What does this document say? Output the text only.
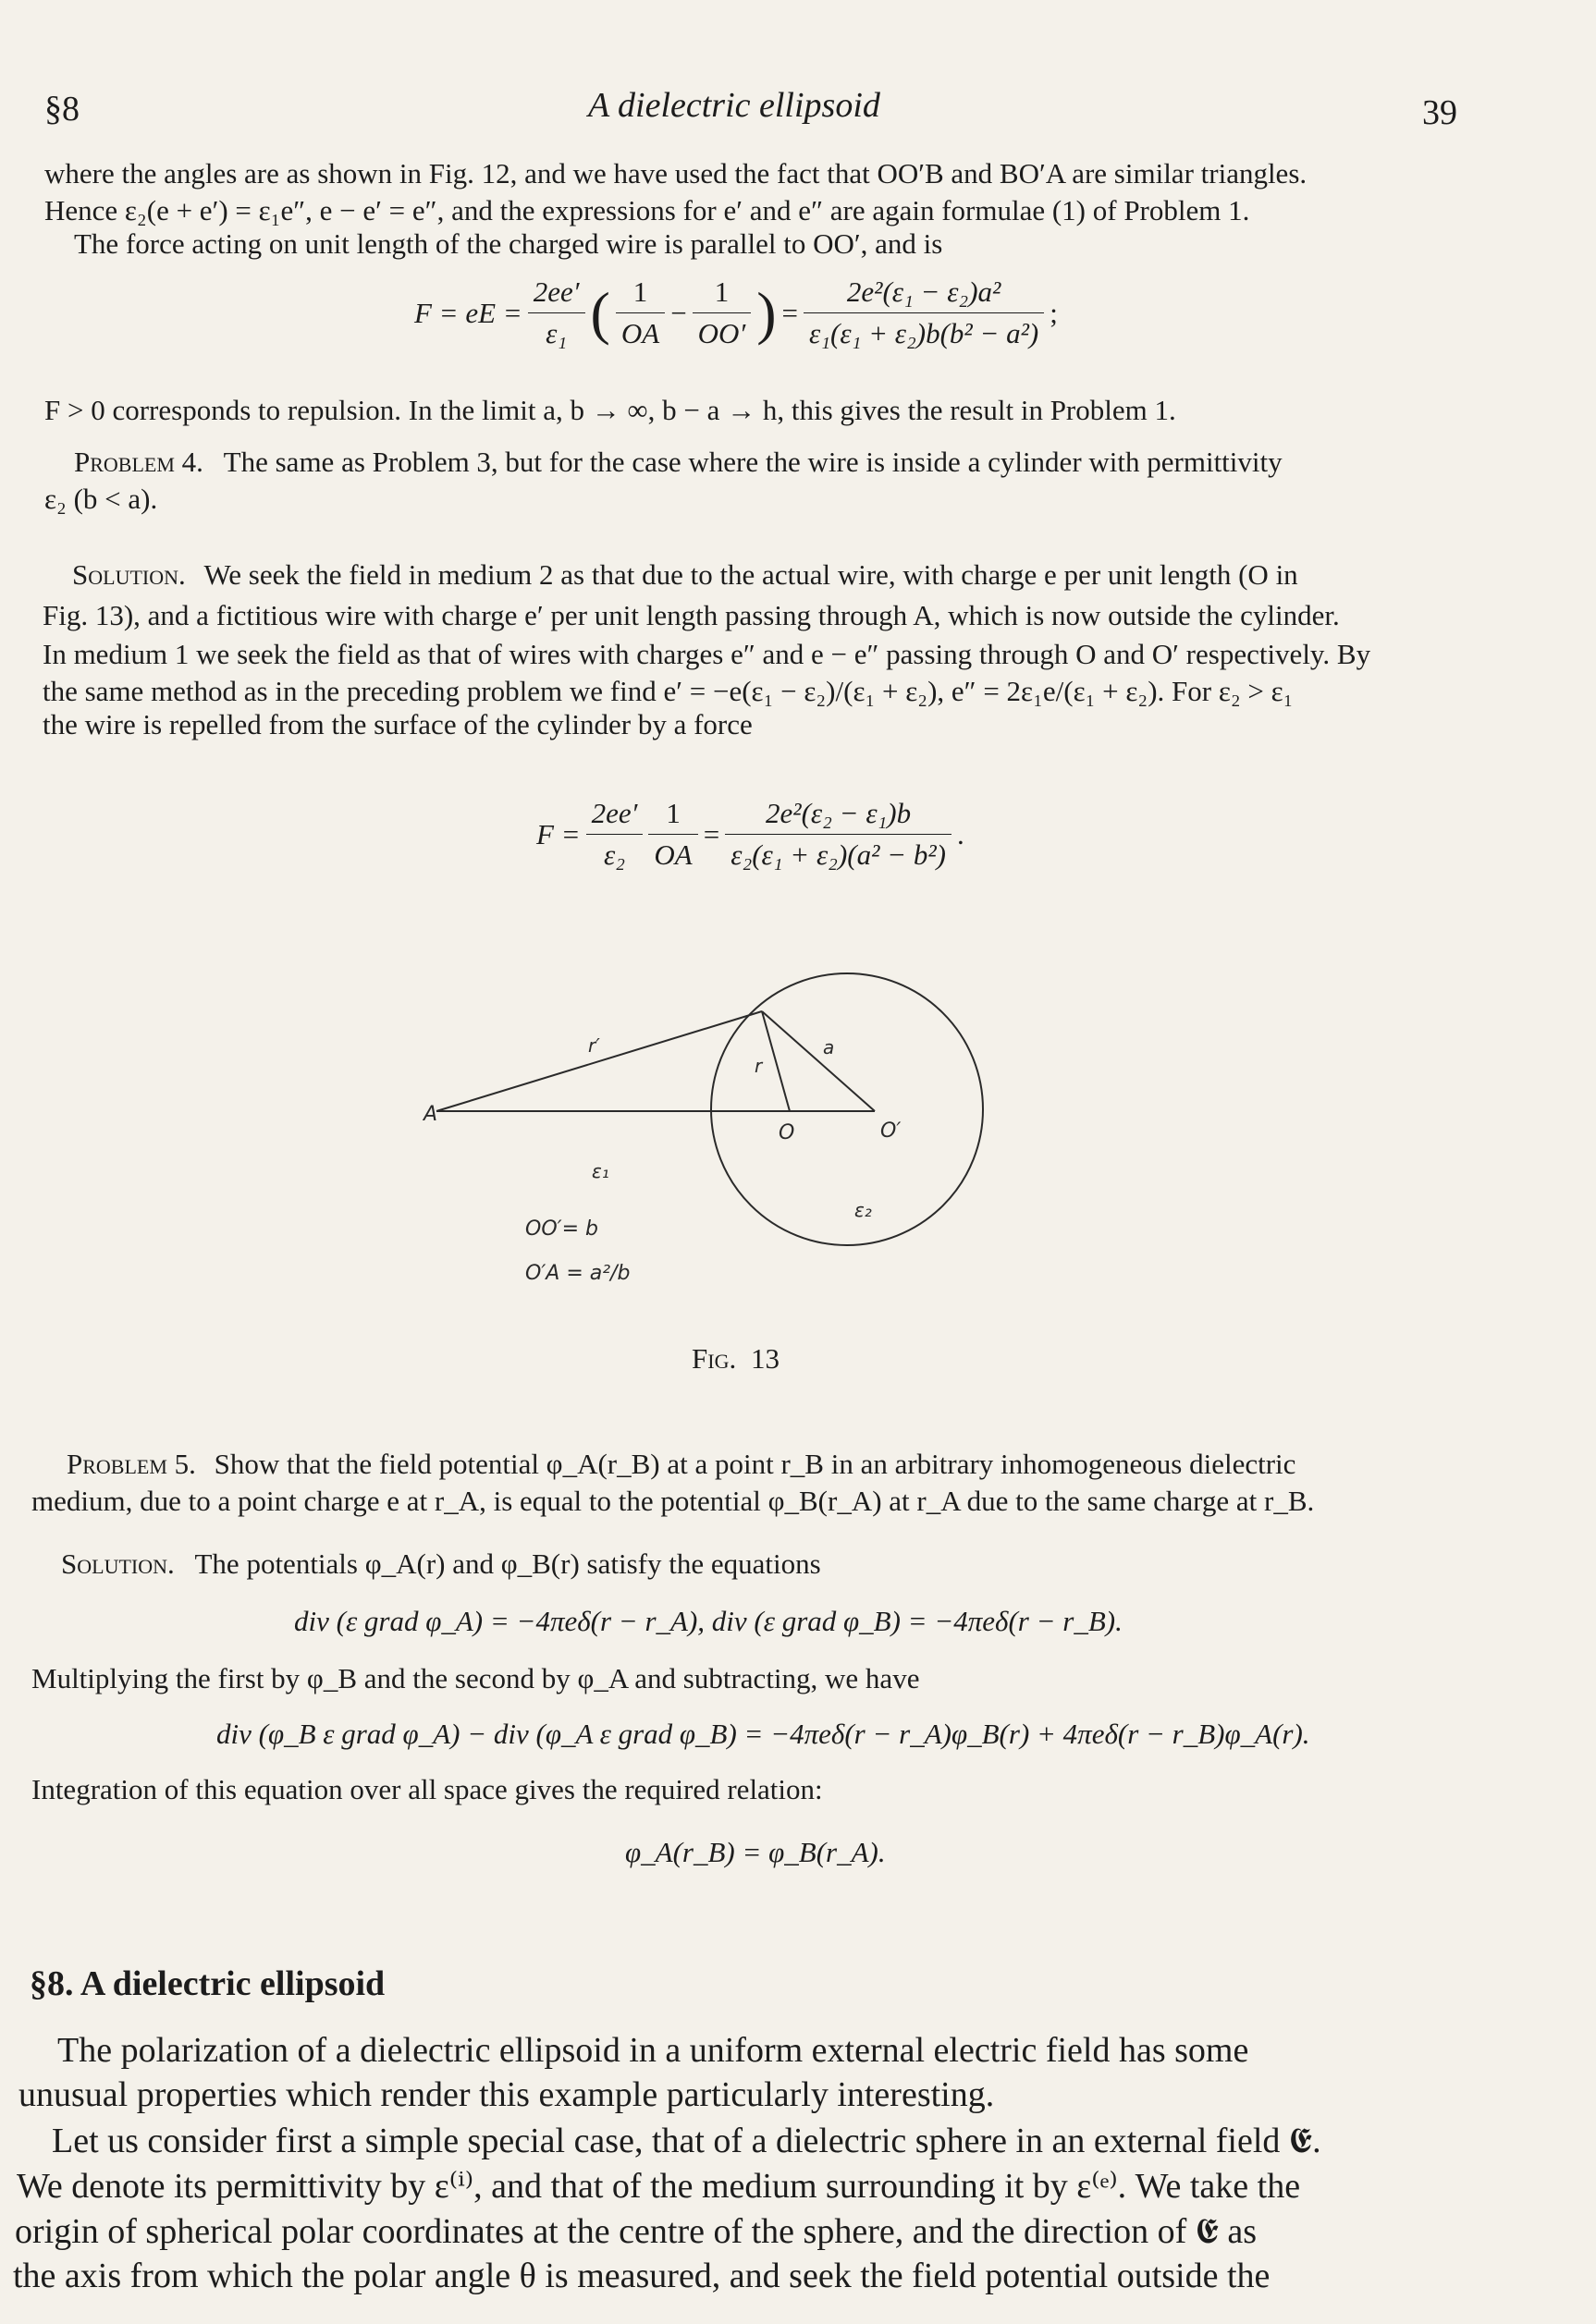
§8	A dielectric ellipsoid	39
where the angles are as shown in Fig. 12, and we have used the fact that OO′B and BO′A are similar triangles.
Hence ε₂(e + e′) = ε₁e″, e − e′ = e″, and the expressions for e′ and e″ are again formulae (1) of Problem 1.
The force acting on unit length of the charged wire is parallel to OO′, and is
F = eE = $\frac{2ee'}{\text{ε₁}}$ ( $\frac{1}{OA} - \frac{1}{OO'}$ ) = $\frac{\text{2e²(ε₁ − ε₂)a²}}{\text{ε₁(ε₁ + ε₂)b(b² − a²)}}$ ;
F > 0 corresponds to repulsion. In the limit a, b → ∞, b − a → h, this gives the result in Problem 1.
Problem 4. The same as Problem 3, but for the case where the wire is inside a cylinder with permittivity
ε₂ (b < a).
Solution. We seek the field in medium 2 as that due to the actual wire, with charge e per unit length (O in
Fig. 13), and a fictitious wire with charge e′ per unit length passing through A, which is now outside the cylinder.
In medium 1 we seek the field as that of wires with charges e″ and e − e″ passing through O and O′ respectively. By
the same method as in the preceding problem we find e′ = −e(ε₁ − ε₂)/(ε₁ + ε₂), e″ = 2ε₁e/(ε₁ + ε₂). For ε₂ > ε₁
the wire is repelled from the surface of the cylinder by a force
$F = \frac{2ee'}{\text{ε₂}} \frac{1}{OA} = \frac{\text{2e²(ε₂ − ε₁)b}}{\text{ε₂(ε₁ + ε₂)(a² − b²)}}$ .
A
O	O′
r
r′	a
ε₁
ε₂
OO′= b
O′A = a²/b
Fig. 13
Problem 5. Show that the field potential φ_A(r_B) at a point r_B in an arbitrary inhomogeneous dielectric
medium, due to a point charge e at r_A, is equal to the potential φ_B(r_A) at r_A due to the same charge at r_B.
Solution. The potentials φ_A(r) and φ_B(r) satisfy the equations
div (ε grad φ_A) = −4πeδ(r − r_A), div (ε grad φ_B) = −4πeδ(r − r_B).
Multiplying the first by φ_B and the second by φ_A and subtracting, we have
div (φ_B ε grad φ_A) − div (φ_A ε grad φ_B) = −4πeδ(r − r_A)φ_B(r) + 4πeδ(r − r_B)φ_A(r).
Integration of this equation over all space gives the required relation:
φ_A(r_B) = φ_B(r_A).
§8. A dielectric ellipsoid
The polarization of a dielectric ellipsoid in a uniform external electric field has some
unusual properties which render this example particularly interesting.
Let us consider first a simple special case, that of a dielectric sphere in an external field 𝕰.
We denote its permittivity by ε⁽ⁱ⁾, and that of the medium surrounding it by ε⁽ᵉ⁾. We take the
origin of spherical polar coordinates at the centre of the sphere, and the direction of 𝕰 as
the axis from which the polar angle θ is measured, and seek the field potential outside the
